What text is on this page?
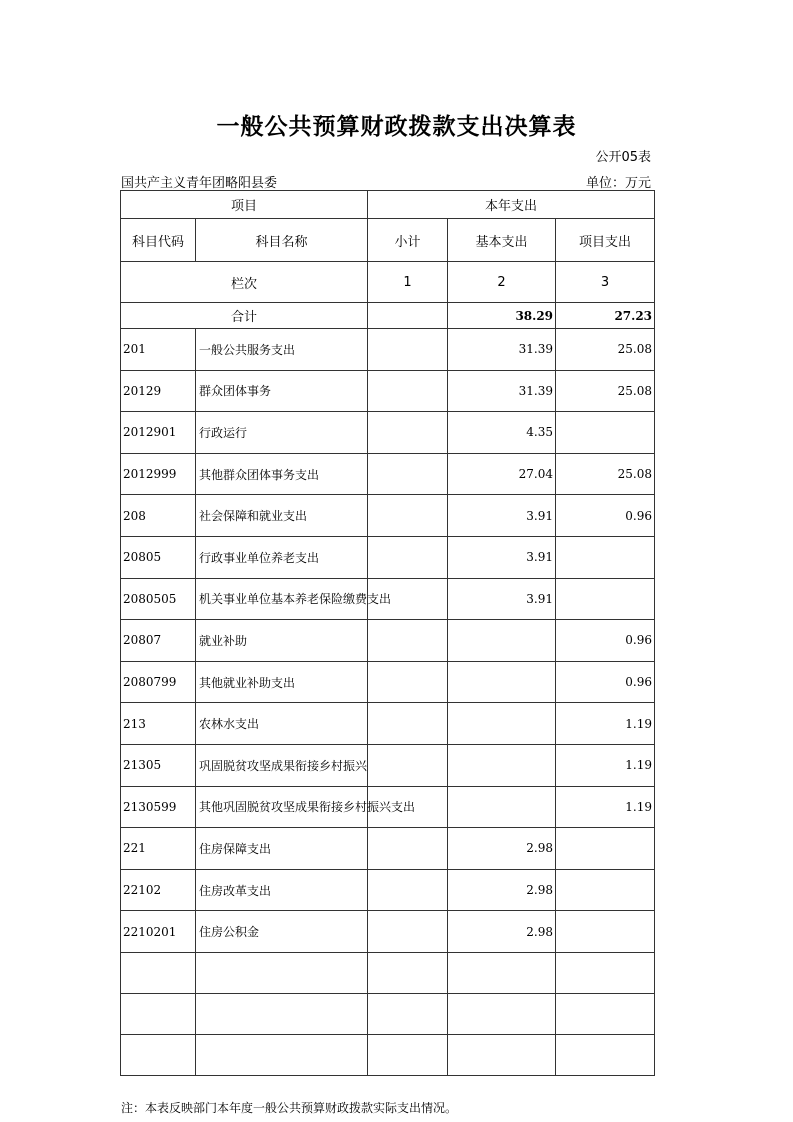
一般公共预算财政拨款支出决算表
公开05表
国共产主义青年团略阳县委	单位：万元
项目		本年支出		
科目代码	科目名称	小计	基本支出	项目支出
栏次		1	2	3
合计			38.29	27.23
201	一般公共服务支出		31.39	25.08
20129	群众团体事务		31.39	25.08
2012901	行政运行		4.35	
2012999	其他群众团体事务支出		27.04	25.08
208	社会保障和就业支出		3.91	0.96
20805	行政事业单位养老支出		3.91	
2080505	机关事业单位基本养老保险缴费支出		3.91	
20807	就业补助			0.96
2080799	其他就业补助支出			0.96
213	农林水支出			1.19
21305	巩固脱贫攻坚成果衔接乡村振兴			1.19
2130599	其他巩固脱贫攻坚成果衔接乡村振兴支出			1.19
221	住房保障支出		2.98	
22102	住房改革支出		2.98	
2210201	住房公积金		2.98	

注：本表反映部门本年度一般公共预算财政拨款实际支出情况。
